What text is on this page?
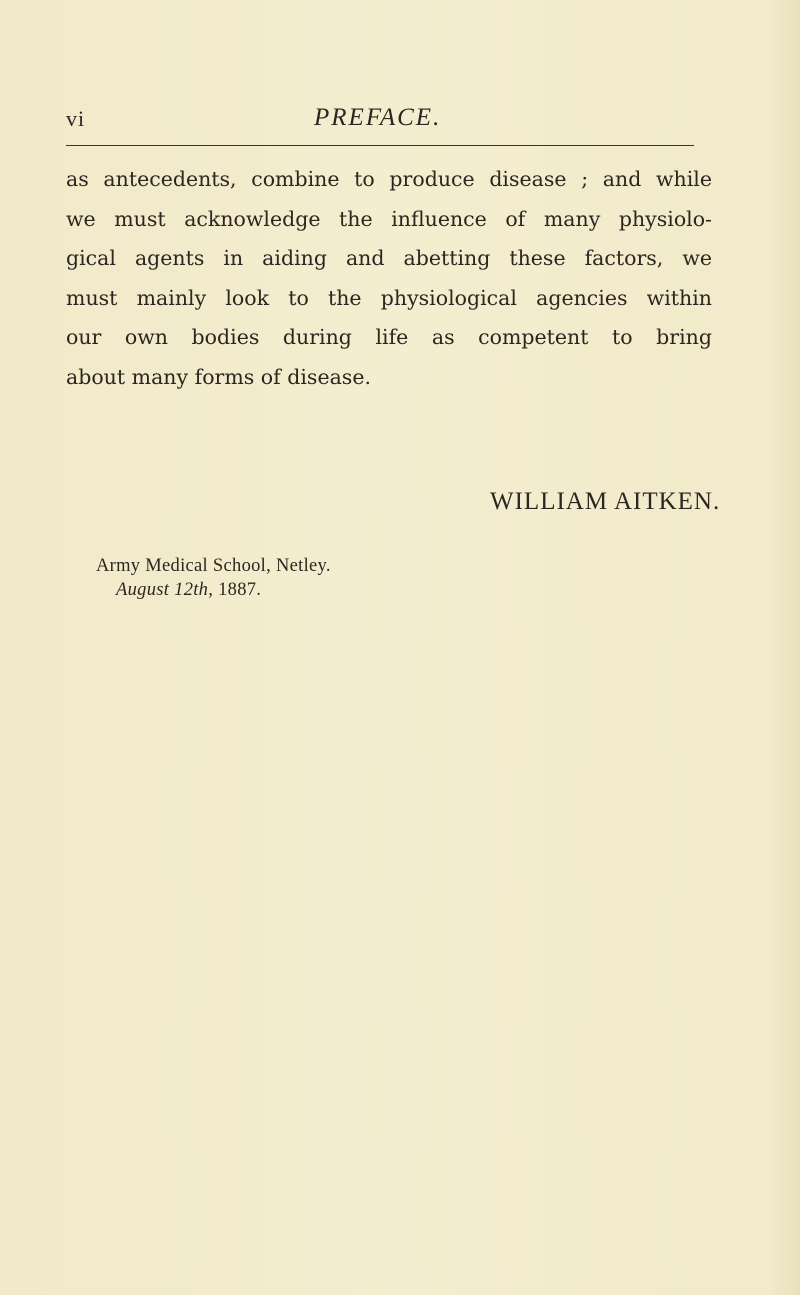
vi	PREFACE.
as antecedents, combine to produce disease ; and while
we must acknowledge the influence of many physiolo-
gical agents in aiding and abetting these factors, we
must mainly look to the physiological agencies within
our own bodies during life as competent to bring
about many forms of disease.
WILLIAM AITKEN.
Army Medical School, Netley.
August 12th, 1887.
